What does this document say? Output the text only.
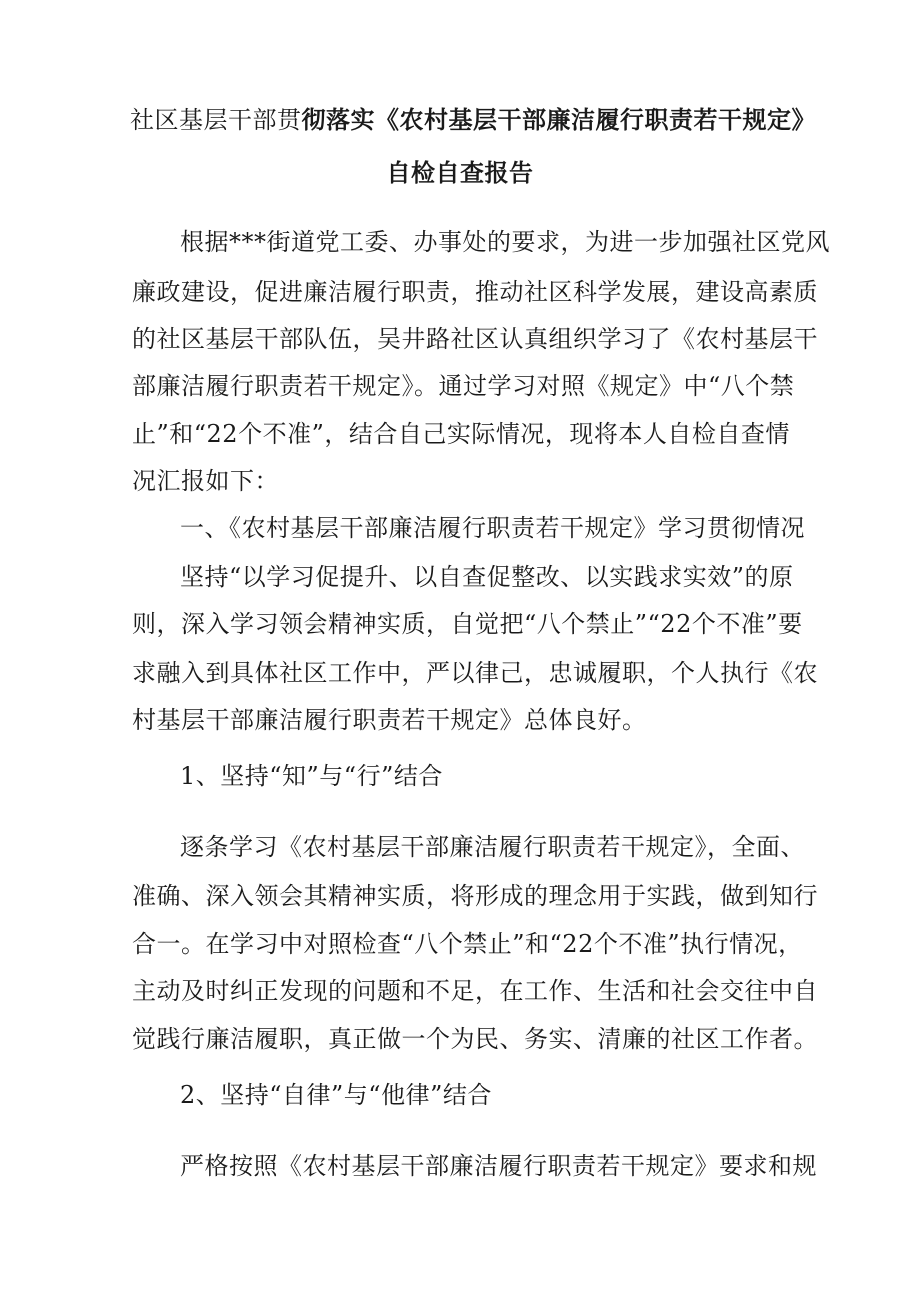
社区基层干部贯彻落实《农村基层干部廉洁履行职责若干规定》
自检自查报告
根据***街道党工委、办事处的要求，为进一步加强社区党风
廉政建设，促进廉洁履行职责，推动社区科学发展，建设高素质
的社区基层干部队伍，吴井路社区认真组织学习了《农村基层干
部廉洁履行职责若干规定》。通过学习对照《规定》中“八个禁
止”和“22个不准”，结合自己实际情况，现将本人自检自查情
况汇报如下：
一、《农村基层干部廉洁履行职责若干规定》学习贯彻情况
坚持“以学习促提升、以自查促整改、以实践求实效”的原
则，深入学习领会精神实质，自觉把“八个禁止”“22个不准”要
求融入到具体社区工作中，严以律己，忠诚履职，个人执行《农
村基层干部廉洁履行职责若干规定》总体良好。
1、坚持“知”与“行”结合
逐条学习《农村基层干部廉洁履行职责若干规定》，全面、
准确、深入领会其精神实质，将形成的理念用于实践，做到知行
合一。在学习中对照检查“八个禁止”和“22个不准”执行情况，
主动及时纠正发现的问题和不足，在工作、生活和社会交往中自
觉践行廉洁履职，真正做一个为民、务实、清廉的社区工作者。
2、坚持“自律”与“他律”结合
严格按照《农村基层干部廉洁履行职责若干规定》要求和规
